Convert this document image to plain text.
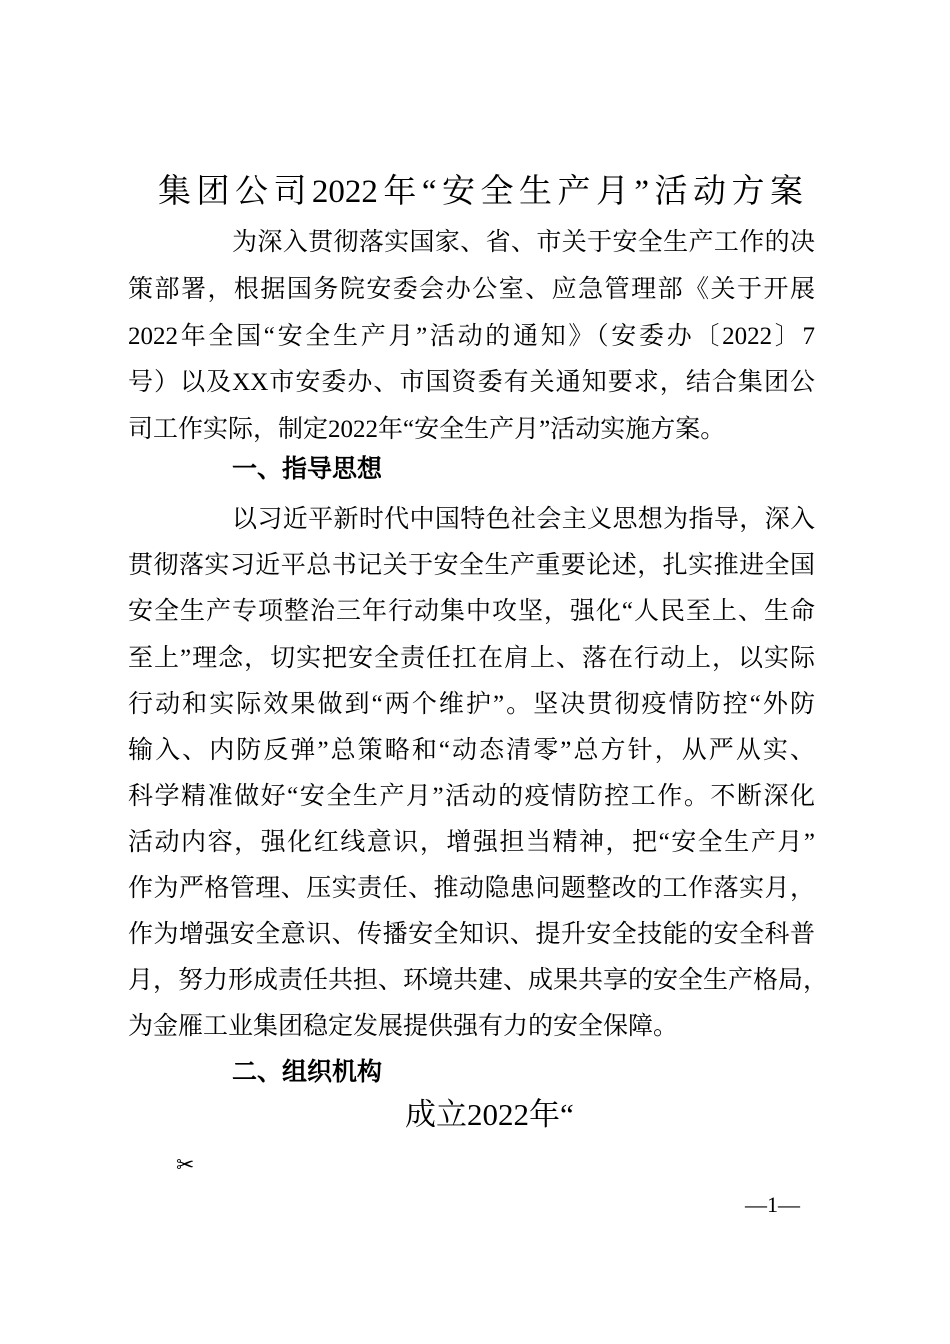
集团公司2022年“安全生产月”活动方案
为深入贯彻落实国家、省、市关于安全生产工作的决
策部署，根据国务院安委会办公室、应急管理部《关于开展
2022年全国“安全生产月”活动的通知》（安委办〔2022〕7
号）以及XX市安委办、市国资委有关通知要求，结合集团公
司工作实际，制定2022年“安全生产月”活动实施方案。
一、指导思想
以习近平新时代中国特色社会主义思想为指导，深入
贯彻落实习近平总书记关于安全生产重要论述，扎实推进全国
安全生产专项整治三年行动集中攻坚，强化“人民至上、生命
至上”理念，切实把安全责任扛在肩上、落在行动上，以实际
行动和实际效果做到“两个维护”。坚决贯彻疫情防控“外防
输入、内防反弹”总策略和“动态清零”总方针，从严从实、
科学精准做好“安全生产月”活动的疫情防控工作。不断深化
活动内容，强化红线意识，增强担当精神，把“安全生产月”
作为严格管理、压实责任、推动隐患问题整改的工作落实月，
作为增强安全意识、传播安全知识、提升安全技能的安全科普
月，努力形成责任共担、环境共建、成果共享的安全生产格局，
为金雁工业集团稳定发展提供强有力的安全保障。
二、组织机构
成立2022年“
✂
—1—
